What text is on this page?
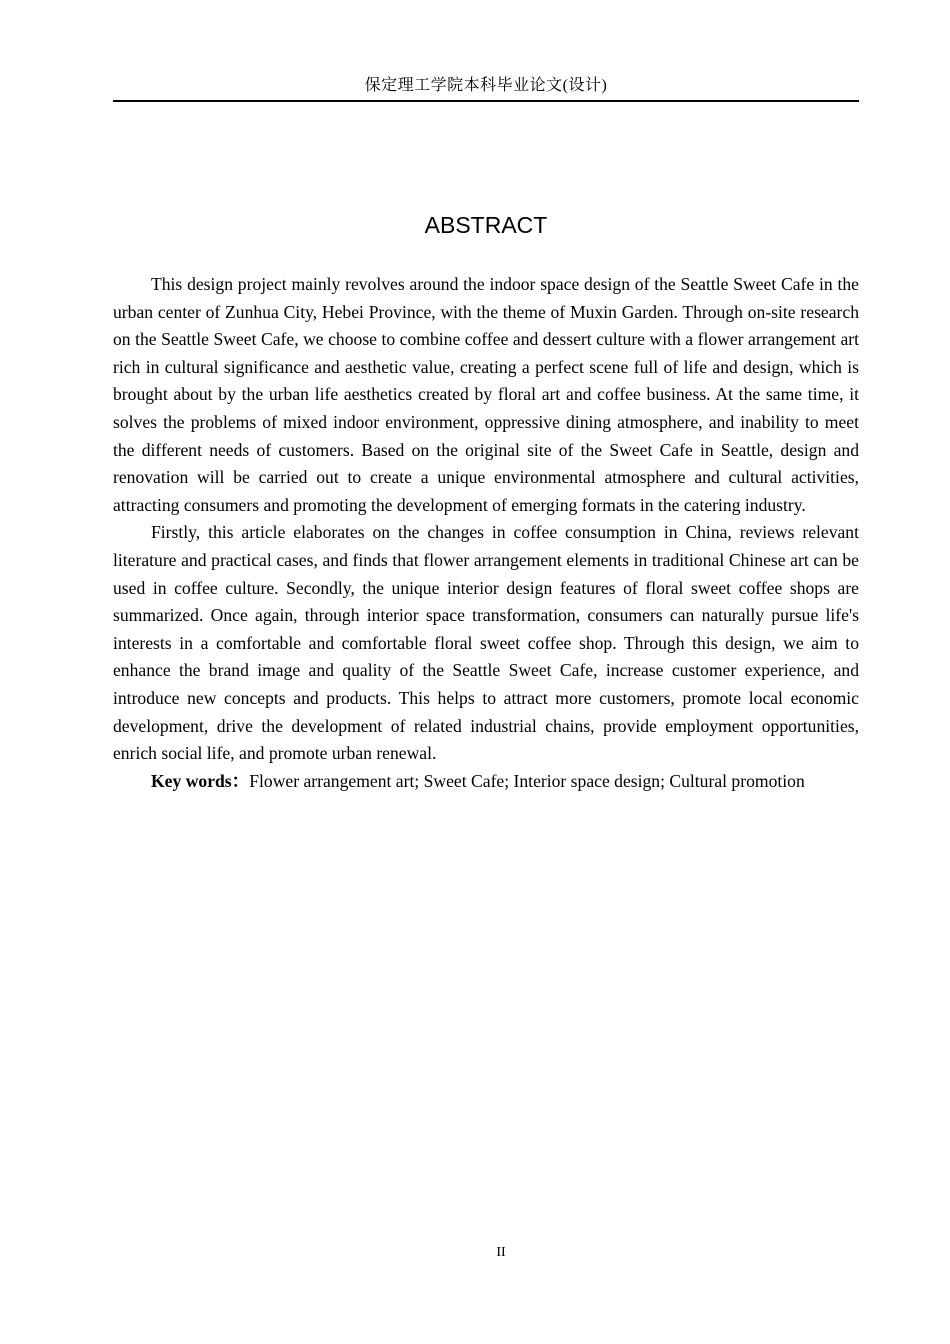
保定理工学院本科毕业论文(设计)
ABSTRACT

This design project mainly revolves around the indoor space design of the Seattle Sweet Cafe in the urban center of Zunhua City, Hebei Province, with the theme of Muxin Garden. Through on-site research on the Seattle Sweet Cafe, we choose to combine coffee and dessert culture with a flower arrangement art rich in cultural significance and aesthetic value, creating a perfect scene full of life and design, which is brought about by the urban life aesthetics created by floral art and coffee business. At the same time, it solves the problems of mixed indoor environment, oppressive dining atmosphere, and inability to meet the different needs of customers. Based on the original site of the Sweet Cafe in Seattle, design and renovation will be carried out to create a unique environmental atmosphere and cultural activities, attracting consumers and promoting the development of emerging formats in the catering industry.

Firstly, this article elaborates on the changes in coffee consumption in China, reviews relevant literature and practical cases, and finds that flower arrangement elements in traditional Chinese art can be used in coffee culture. Secondly, the unique interior design features of floral sweet coffee shops are summarized. Once again, through interior space transformation, consumers can naturally pursue life's interests in a comfortable and comfortable floral sweet coffee shop. Through this design, we aim to enhance the brand image and quality of the Seattle Sweet Cafe, increase customer experience, and introduce new concepts and products. This helps to attract more customers, promote local economic development, drive the development of related industrial chains, provide employment opportunities, enrich social life, and promote urban renewal.

Key words：Flower arrangement art; Sweet Cafe; Interior space design; Cultural promotion

II
